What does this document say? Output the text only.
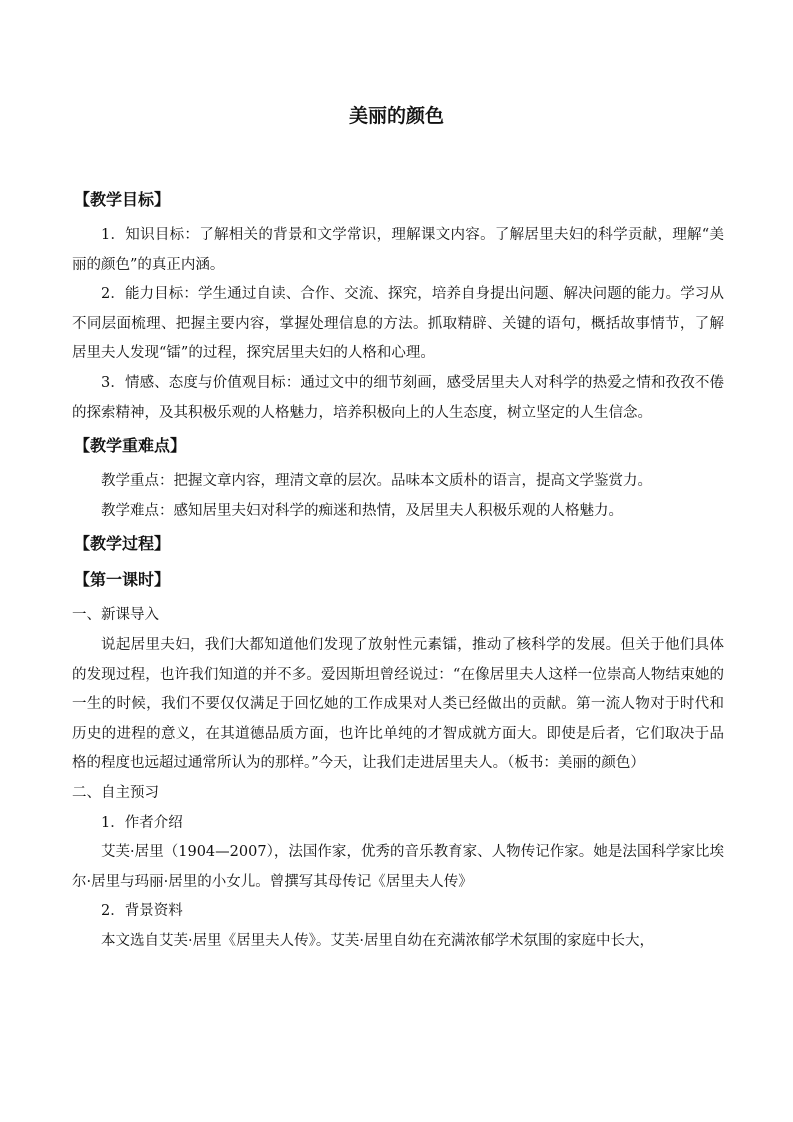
美丽的颜色

【教学目标】

1．知识目标：了解相关的背景和文学常识，理解课文内容。了解居里夫妇的科学贡献，理解“美丽的颜色”的真正内涵。

2．能力目标：学生通过自读、合作、交流、探究，培养自身提出问题、解决问题的能力。学习从不同层面梳理、把握主要内容，掌握处理信息的方法。抓取精辟、关键的语句，概括故事情节，了解居里夫人发现“镭”的过程，探究居里夫妇的人格和心理。

3．情感、态度与价值观目标：通过文中的细节刻画，感受居里夫人对科学的热爱之情和孜孜不倦的探索精神，及其积极乐观的人格魅力，培养积极向上的人生态度，树立坚定的人生信念。

【教学重难点】

教学重点：把握文章内容，理清文章的层次。品味本文质朴的语言，提高文学鉴赏力。

教学难点：感知居里夫妇对科学的痴迷和热情，及居里夫人积极乐观的人格魅力。

【教学过程】

【第一课时】

一、新课导入

说起居里夫妇，我们大都知道他们发现了放射性元素镭，推动了核科学的发展。但关于他们具体的发现过程，也许我们知道的并不多。爱因斯坦曾经说过：“在像居里夫人这样一位崇高人物结束她的一生的时候，我们不要仅仅满足于回忆她的工作成果对人类已经做出的贡献。第一流人物对于时代和历史的进程的意义，在其道德品质方面，也许比单纯的才智成就方面大。即使是后者，它们取决于品格的程度也远超过通常所认为的那样。”今天，让我们走进居里夫人。（板书：美丽的颜色）

二、自主预习

1．作者介绍

艾芙·居里（1904—2007），法国作家，优秀的音乐教育家、人物传记作家。她是法国科学家比埃尔·居里与玛丽·居里的小女儿。曾撰写其母传记《居里夫人传》

2．背景资料

本文选自艾芙·居里《居里夫人传》。艾芙·居里自幼在充满浓郁学术氛围的家庭中长大，
